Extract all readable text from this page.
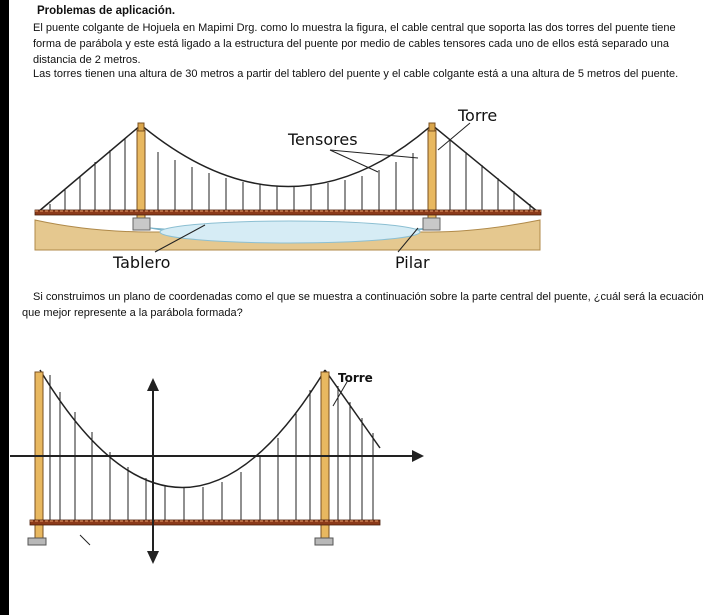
Problemas de aplicación.
El puente colgante de Hojuela en Mapimi Drg. como lo muestra la figura, el cable central que soporta las dos torres del puente tiene forma de parábola y este está ligado a la estructura del puente por medio de cables tensores cada uno de ellos está separado una distancia de 2 metros.
Las torres tienen una altura de 30 metros a partir del tablero del puente y el cable colgante está a una altura de 5 metros del puente.
Torre
Tensores
Tablero	Pilar
Si construimos un plano de coordenadas como el que se muestra a continuación sobre la parte central del puente, ¿cuál será la ecuación
que mejor represente a la parábola formada?
Torre
